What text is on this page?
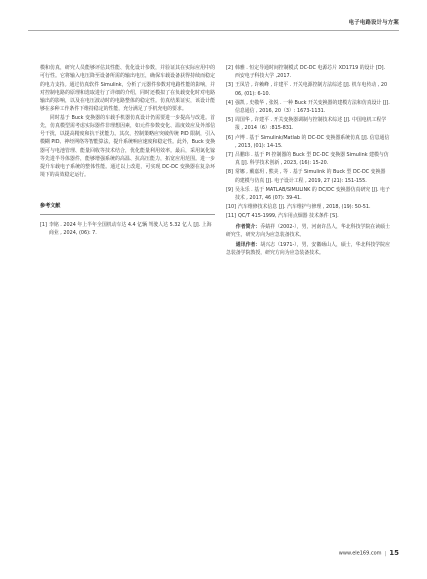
电子电路设计与方案

模和仿真，研究人员能够评估其性能、优化设计参数，并验证其在实际应用中的可行性。它将输入电压降至设备所需的输出电压，确保车载设备获得持续而稳定的电力支持。通过仿真软件 Simulink，分析了元器件参数对电路性能的影响，并对控制电路的原理和选取进行了详细的介绍，同时还模拟了在负载变化时对电路输出的影响，以及在电压波动时的电路整体的稳定性。仿真结果证实，该设计能够在多种工作条件下维持稳定的性能，充分满足了手机充电的要求。

同时基于 Buck 变换器的车载手机器仿真设计仍需要进一步提高与改进。首先，仿真模型需考虑实际器件非理想因素，如元件参数变化、温度效应及外部信号干扰，以提高精度和抗干扰能力。其次，控制策略应突破传统 PID 限制，引入模糊 PID、神经网络等智能算法，提升系统响应速度和稳定性。此外，Buck 变换器可与电池管理、能量回收等技术结合，优化能量利用效率。最后，采用氮化镓等先进半导体器件，能够增强系统的高温、抗高压能力，拓宽应用范围。进一步提升车载电子系统的整体性能。通过以上改进，可实现 DC-DC 变换器在复杂环境下的高效稳定运行。

参考文献
[1] 李铭 . 2024 年上半年全国机动车达 4.4 亿辆 驾驶人达 5.32 亿人 [J]. 上海商业 , 2024, (06): 7.
[2] 韩雅 . 恒定导通时间控制模式 DC-DC 电源芯片 XD1719 的设计 [D]. 西安电子科技大学 ,2017.
[3] 王凤岩 , 许赖峰 , 许建平 . 开关电源控制方法综述 [J]. 机车电传动 , 2006, (01): 6-10.
[4] 强凯 , 史敬华 , 张锐 . 一种 Buck 开关变换器的建模方法和仿真设计 [J]. 信息通信 , 2016, 20（3）: 1673-1131.
[5] 周国华 , 许建平 . 开关变换器调制与控制技术综述 [J]. 中国电机工程学报 , 2014（6）:815-831.
[6] 卢博 . 基于 Simulink/Matlab 的 DC-DC 变换器系统仿真 [J]. 信息通信 , 2013, (01): 14-15.
[7] 吕鹏玮 . 基于 PI 控制器的 Buck 型 DC-DC 变换器 Simulink 建模与仿真 [J]. 科学技术创新 , 2023, (16): 15-20.
[8] 常娜 , 戴嘉玥 , 熊美 , 等 . 基于 Simulink 的 Buck 型 DC-DC 变换器的建模与仿真 [J]. 电子设计工程 , 2019, 27 (21): 151-155.
[9] 吴永乐 . 基于 MATLAB/SIMULINK 的 DC/DC 变换器仿真研究 [J]. 电子技术 , 2017, 46 (07): 39-41.
[10] 汽车维修技术信息 [J]. 汽车维护与修理 , 2018, (19): 50-51.
[11] QC/T 415-1999, 汽车用点烟器 技术条件 [S].

作者简介：乔婧祥（2002-），男，河南许昌人，华北科技学院在读硕士研究生，研究方向为应急装备技术。

通讯作者：胡兴志（1971-），男，安徽砀山人，硕士，华北科技学院应急装备学院教授，研究方向为应急装备技术。

www.ele169.com | 15
